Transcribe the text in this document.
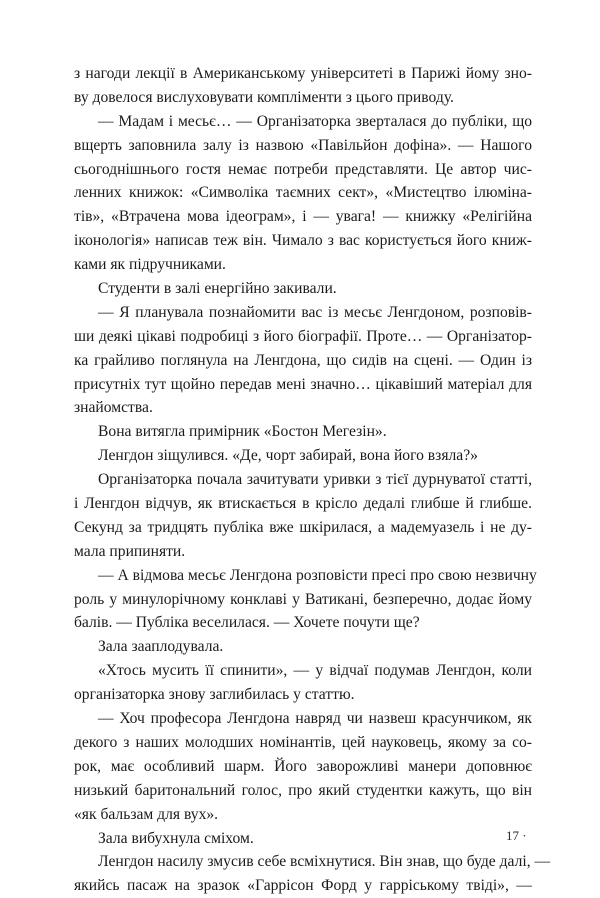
з нагоди лекції в Американському університеті в Парижі йому зно-
ву довелося вислуховувати компліменти з цього приводу.
— Мадам і месьє… — Організаторка зверталася до публіки, що
вщерть заповнила залу із назвою «Павільйон дофіна». — Нашого
сьогоднішнього гостя немає потреби представляти. Це автор чис-
ленних книжок: «Символіка таємних сект», «Мистецтво ілюміна-
тів», «Втрачена мова ідеограм», і — увага! — книжку «Релігійна
іконологія» написав теж він. Чимало з вас користується його книж-
ками як підручниками.
Студенти в залі енергійно закивали.
— Я планувала познайомити вас із месьє Ленгдоном, розповів-
ши деякі цікаві подробиці з його біографії. Проте… — Організатор-
ка грайливо поглянула на Ленгдона, що сидів на сцені. — Один із
присутніх тут щойно передав мені значно… цікавіший матеріал для
знайомства.
Вона витягла примірник «Бостон Мегезін».
Ленгдон зіщулився. «Де, чорт забирай, вона його взяла?»
Організаторка почала зачитувати уривки з тієї дурнуватої статті,
і Ленгдон відчув, як втискається в крісло дедалі глибше й глибше.
Секунд за тридцять публіка вже шкірилася, а мадемуазель і не ду-
мала припиняти.
— А відмова месьє Ленгдона розповісти пресі про свою незвичну
роль у минулорічному конклаві у Ватикані, безперечно, додає йому
балів. — Публіка веселилася. — Хочете почути ще?
Зала зааплодувала.
«Хтось мусить її спинити», — у відчаї подумав Ленгдон, коли
організаторка знову заглибилась у статтю.
— Хоч професора Ленгдона навряд чи назвеш красунчиком, як
декого з наших молодших номінантів, цей науковець, якому за со-
рок, має особливий шарм. Його заворожливі манери доповнює
низький баритональний голос, про який студентки кажуть, що він
«як бальзам для вух».
Зала вибухнула сміхом.
Ленгдон насилу змусив себе всміхнутися. Він знав, що буде далі, —
якийсь пасаж на зразок «Гаррісон Форд у гарріському твіді», —
17 ·
